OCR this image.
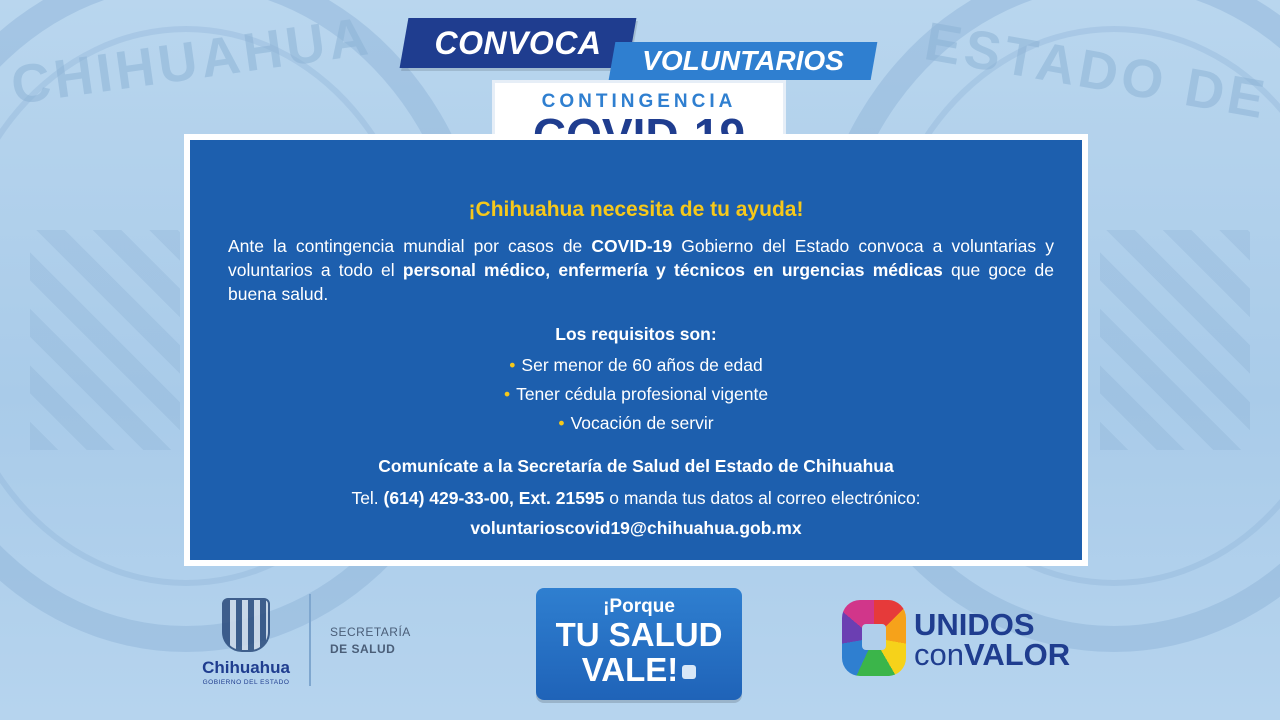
CHIHUAHUA	ESTADO DE
CONVOCA	VOLUNTARIOS
CONTINGENCIA
¡Chihuahua necesita de tu ayuda!
Ante la contingencia mundial por casos de COVID-19 Gobierno del Estado convoca a voluntarias y voluntarios a todo el personal médico, enfermería y técnicos en urgencias médicas que goce de buena salud.
Los requisitos son:
• Ser menor de 60 años de edad
• Tener cédula profesional vigente
• Vocación de servir
Comunícate a la Secretaría de Salud del Estado de Chihuahua
Tel. (614) 429-33-00, Ext. 21595 o manda tus datos al correo electrónico:
voluntarioscovid19@chihuahua.gob.mx
Chihuahua
GOBIERNO DEL ESTADO
SECRETARÍA
DE SALUD
¡Porque
TU SALUD
VALE!
UNIDOS
conVALOR
